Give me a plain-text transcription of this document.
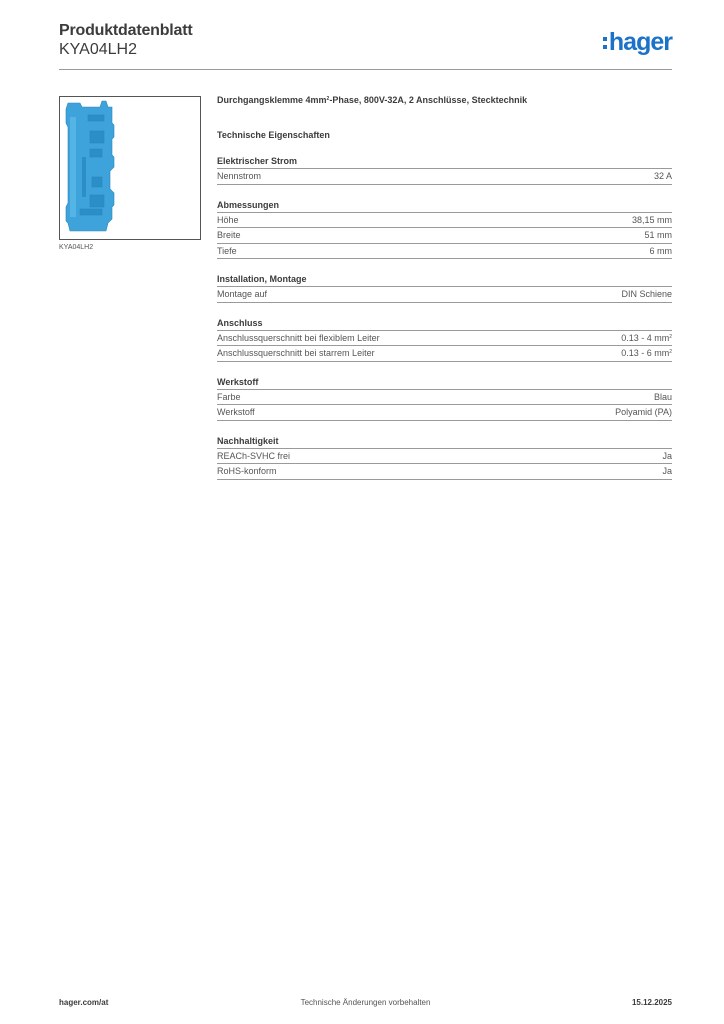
Produktdatenblatt
KYA04LH2	hager
KYA04LH2
Durchgangsklemme $4mm^2$-Phase, 800V-32A, 2 Anschlüsse, Stecktechnik
Technische Eigenschaften
Elektrischer Strom
Nennstrom	32 A
Abmessungen
Höhe	38,15 mm
Breite	51 mm
Tiefe	6 mm
Installation, Montage
Montage auf	DIN Schiene
Anschluss
Anschlussquerschnitt bei flexiblem Leiter	0.13 - 4 $mm^2$
Anschlussquerschnitt bei starrem Leiter	0.13 - 6 $mm^2$
Werkstoff
Farbe	Blau
Werkstoff	Polyamid (PA)
Nachhaltigkeit
REACh-SVHC frei	Ja
RoHS-konform	Ja
hager.com/at	Technische Änderungen vorbehalten	15.12.2025
